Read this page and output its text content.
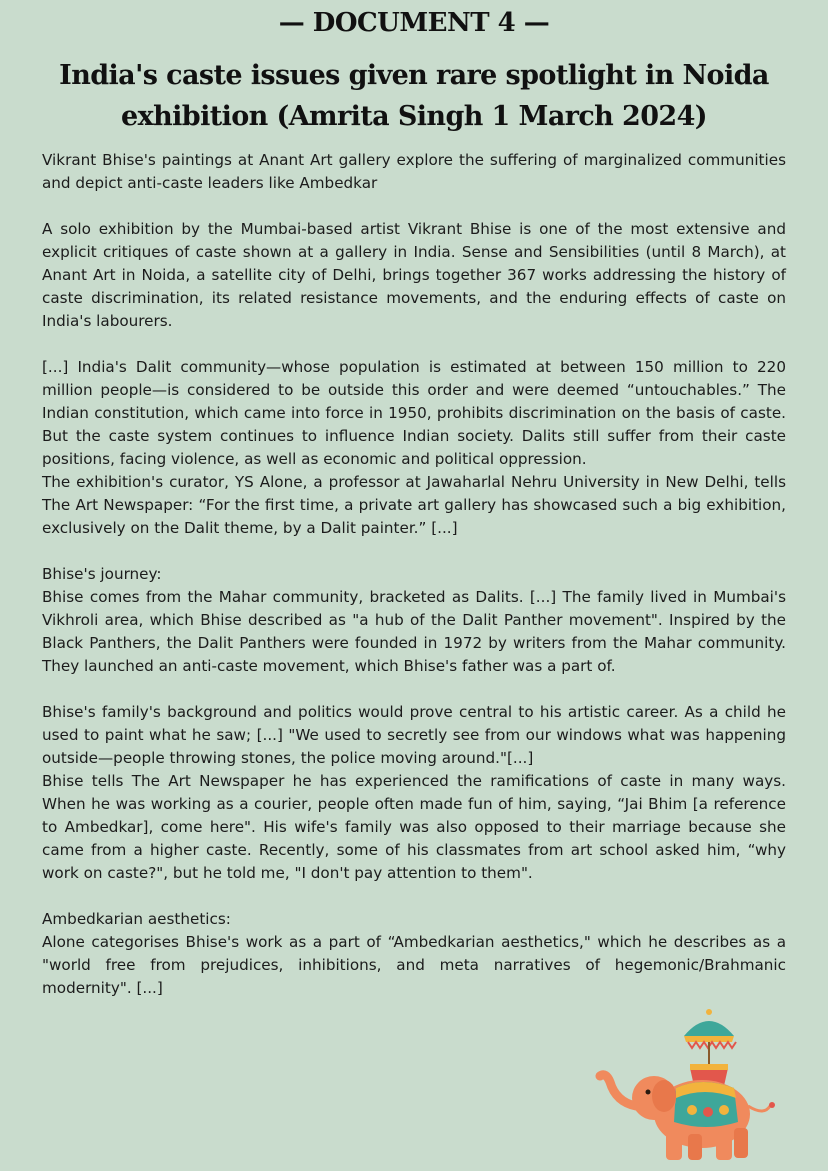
— DOCUMENT 4 —
India's caste issues given rare spotlight in Noida exhibition (Amrita Singh 1 March 2024)

Vikrant Bhise's paintings at Anant Art gallery explore the suffering of marginalized communities and depict anti-caste leaders like Ambedkar

A solo exhibition by the Mumbai-based artist Vikrant Bhise is one of the most extensive and explicit critiques of caste shown at a gallery in India. Sense and Sensibilities (until 8 March), at Anant Art in Noida, a satellite city of Delhi, brings together 367 works addressing the history of caste discrimination, its related resistance movements, and the enduring effects of caste on India's labourers.

[...] India's Dalit community—whose population is estimated at between 150 million to 220 million people—is considered to be outside this order and were deemed “untouchables.” The Indian constitution, which came into force in 1950, prohibits discrimination on the basis of caste. But the caste system continues to influence Indian society. Dalits still suffer from their caste positions, facing violence, as well as economic and political oppression.

The exhibition's curator, YS Alone, a professor at Jawaharlal Nehru University in New Delhi, tells The Art Newspaper: “For the first time, a private art gallery has showcased such a big exhibition, exclusively on the Dalit theme, by a Dalit painter.” [...]

Bhise's journey:

Bhise comes from the Mahar community, bracketed as Dalits. [...] The family lived in Mumbai's Vikhroli area, which Bhise described as "a hub of the Dalit Panther movement". Inspired by the Black Panthers, the Dalit Panthers were founded in 1972 by writers from the Mahar community. They launched an anti-caste movement, which Bhise's father was a part of.

Bhise's family's background and politics would prove central to his artistic career. As a child he used to paint what he saw; [...] "We used to secretly see from our windows what was happening outside—people throwing stones, the police moving around."[...]

Bhise tells The Art Newspaper he has experienced the ramifications of caste in many ways. When he was working as a courier, people often made fun of him, saying, “Jai Bhim [a reference to Ambedkar], come here". His wife's family was also opposed to their marriage because she came from a higher caste. Recently, some of his classmates from art school asked him, “why work on caste?", but he told me, "I don't pay attention to them".

Ambedkarian aesthetics:

Alone categorises Bhise's work as a part of “Ambedkarian aesthetics," which he describes as a "world free from prejudices, inhibitions, and meta narratives of hegemonic/Brahmanic modernity". [...]
